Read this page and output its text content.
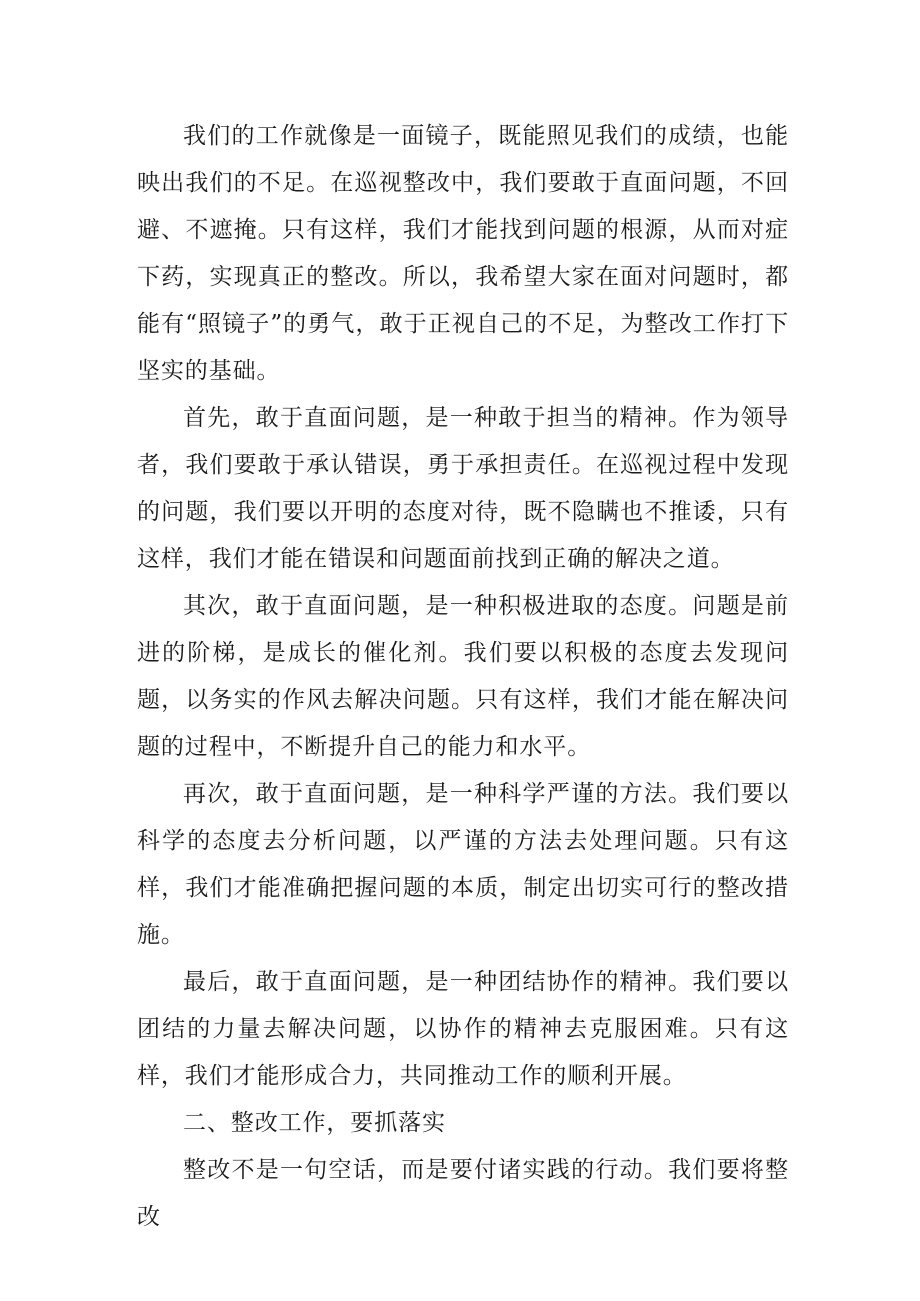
我们的工作就像是一面镜子，既能照见我们的成绩，也能映出我们的不足。在巡视整改中，我们要敢于直面问题，不回避、不遮掩。只有这样，我们才能找到问题的根源，从而对症下药，实现真正的整改。所以，我希望大家在面对问题时，都能有“照镜子”的勇气，敢于正视自己的不足，为整改工作打下坚实的基础。

首先，敢于直面问题，是一种敢于担当的精神。作为领导者，我们要敢于承认错误，勇于承担责任。在巡视过程中发现的问题，我们要以开明的态度对待，既不隐瞒也不推诿，只有这样，我们才能在错误和问题面前找到正确的解决之道。

其次，敢于直面问题，是一种积极进取的态度。问题是前进的阶梯，是成长的催化剂。我们要以积极的态度去发现问题，以务实的作风去解决问题。只有这样，我们才能在解决问题的过程中，不断提升自己的能力和水平。

再次，敢于直面问题，是一种科学严谨的方法。我们要以科学的态度去分析问题，以严谨的方法去处理问题。只有这样，我们才能准确把握问题的本质，制定出切实可行的整改措施。

最后，敢于直面问题，是一种团结协作的精神。我们要以团结的力量去解决问题，以协作的精神去克服困难。只有这样，我们才能形成合力，共同推动工作的顺利开展。

二、整改工作，要抓落实

整改不是一句空话，而是要付诸实践的行动。我们要将整改
